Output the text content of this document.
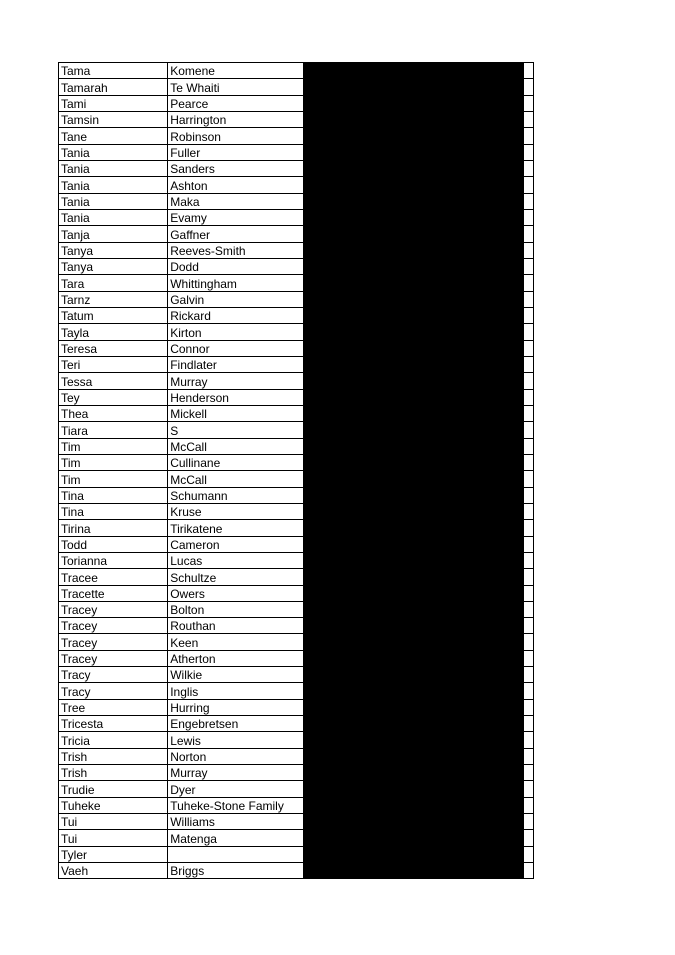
Tama	Komene		
Tamarah	Te Whaiti		
Tami	Pearce		
Tamsin	Harrington		
Tane	Robinson		
Tania	Fuller		
Tania	Sanders		
Tania	Ashton		
Tania	Maka		
Tania	Evamy		
Tanja	Gaffner		
Tanya	Reeves-Smith		
Tanya	Dodd		
Tara	Whittingham		
Tarnz	Galvin		
Tatum	Rickard		
Tayla	Kirton		
Teresa	Connor		
Teri	Findlater		
Tessa	Murray		
Tey	Henderson		
Thea	Mickell		
Tiara	S		
Tim	McCall		
Tim	Cullinane		
Tim	McCall		
Tina	Schumann		
Tina	Kruse		
Tirina	Tirikatene		
Todd	Cameron		
Torianna	Lucas		
Tracee	Schultze		
Tracette	Owers		
Tracey	Bolton		
Tracey	Routhan		
Tracey	Keen		
Tracey	Atherton		
Tracy	Wilkie		
Tracy	Inglis		
Tree	Hurring		
Tricesta	Engebretsen		
Tricia	Lewis		
Trish	Norton		
Trish	Murray		
Trudie	Dyer		
Tuheke	Tuheke-Stone Family		
Tui	Williams		
Tui	Matenga		
Tyler			
Vaeh	Briggs		
